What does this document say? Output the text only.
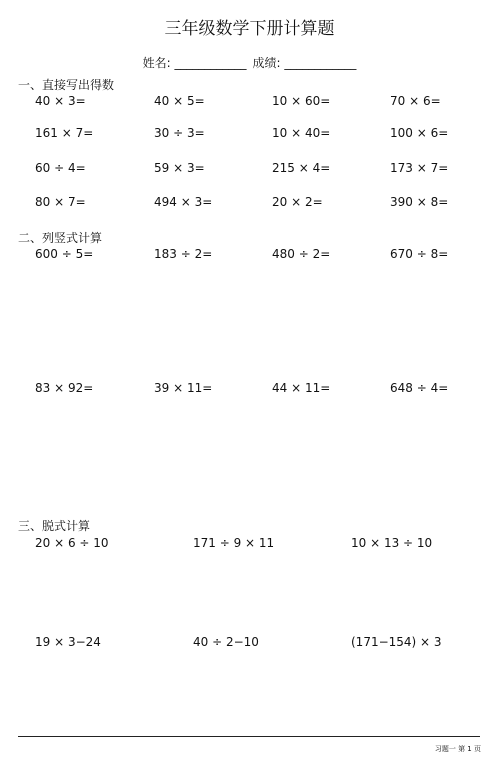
三年级数学下册计算题
姓名: ____________ 成绩: ____________
一、直接写出得数
40 × 3=	40 × 5=	10 × 60=	70 × 6=
161 × 7=	30 ÷ 3=	10 × 40=	100 × 6=
60 ÷ 4=	59 × 3=	215 × 4=	173 × 7=
80 × 7=	494 × 3=	20 × 2=	390 × 8=
二、列竖式计算
600 ÷ 5=	183 ÷ 2=	480 ÷ 2=	670 ÷ 8=
83 × 92=	39 × 11=	44 × 11=	648 ÷ 4=
三、脱式计算
20 × 6 ÷ 10	171 ÷ 9 × 11	10 × 13 ÷ 10
19 × 3−24	40 ÷ 2−10	(171−154) × 3
习题一 第 1 页
